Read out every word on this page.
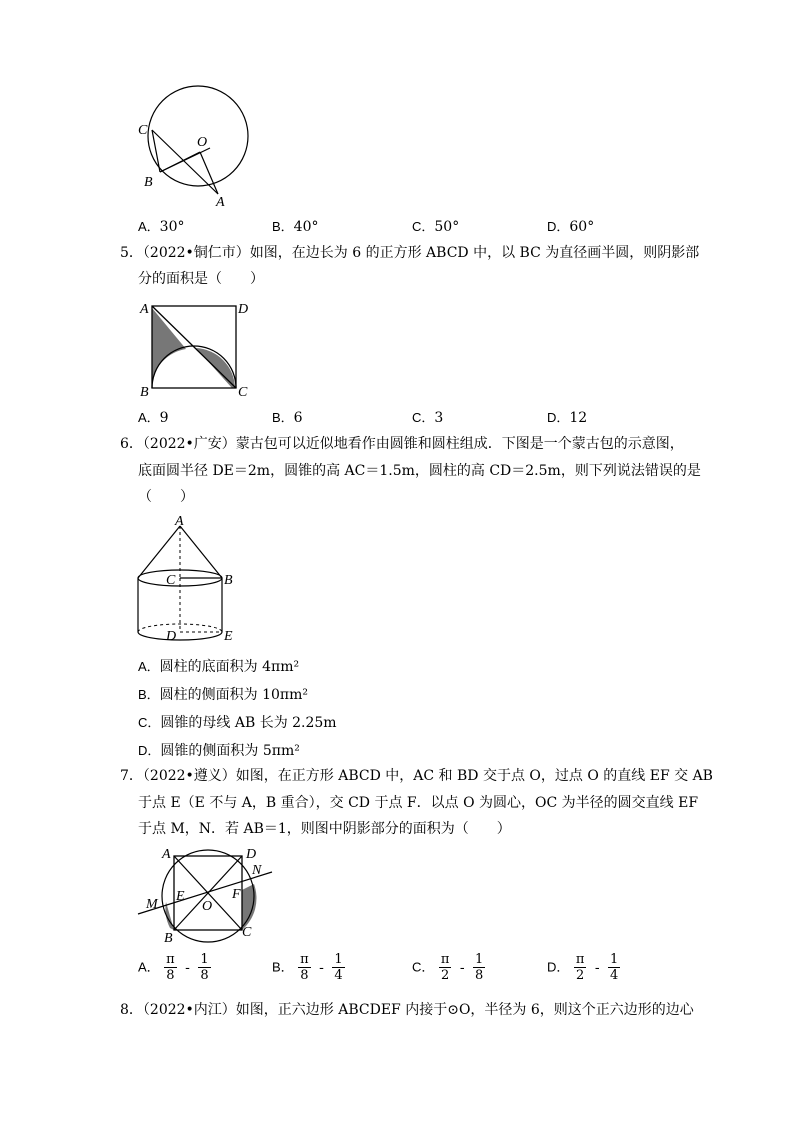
C
O
B
A
A．30°	B．40°	C．50°	D．60°
5．（2022•铜仁市）如图，在边长为 6 的正方形 ABCD 中，以 BC 为直径画半圆，则阴影部
分的面积是（　　）
A	D
B	C
A．9	B．6	C．3	D．12
6．（2022•广安）蒙古包可以近似地看作由圆锥和圆柱组成．下图是一个蒙古包的示意图，
底面圆半径 DE＝2m，圆锥的高 AC＝1.5m，圆柱的高 CD＝2.5m，则下列说法错误的是
（　　）
A
C	B
D	E
A．圆柱的底面积为 4πm²
B．圆柱的侧面积为 10πm²
C．圆锥的母线 AB 长为 2.25m
D．圆锥的侧面积为 5πm²
7．（2022•遵义）如图，在正方形 ABCD 中，AC 和 BD 交于点 O，过点 O 的直线 EF 交 AB
于点 E（E 不与 A，B 重合），交 CD 于点 F．以点 O 为圆心，OC 为半径的圆交直线 EF
于点 M，N．若 AB＝1，则图中阴影部分的面积为（　　）
A	D
N
M
E
O
F
B	C
A． $\frac{\pi}{8} - \frac{1}{8}$	B． $\frac{\pi}{8} - \frac{1}{4}$	C． $\frac{\pi}{2} - \frac{1}{8}$	D． $\frac{\pi}{2} - \frac{1}{4}$
8．（2022•内江）如图，正六边形 ABCDEF 内接于⊙O，半径为 6，则这个正六边形的边心
